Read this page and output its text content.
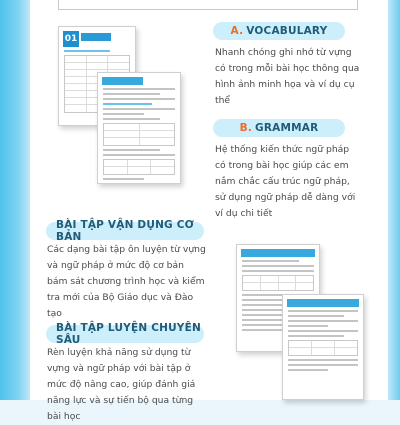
01
A. VOCABULARY
Nhanh chóng ghi nhớ từ vựng có trong mỗi bài học thông qua hình ảnh minh họa và ví dụ cụ thể
B. GRAMMAR
Hệ thống kiến thức ngữ pháp có trong bài học giúp các em nắm chắc cấu trúc ngữ pháp, sử dụng ngữ pháp dễ dàng với ví dụ chi tiết
BÀI TẬP VẬN DỤNG CƠ BẢN
Các dạng bài tập ôn luyện từ vựng và ngữ pháp ở mức độ cơ bản bám sát chương trình học và kiểm tra mới của Bộ Giáo dục và Đào tạo
BÀI TẬP LUYỆN CHUYÊN SÂU
Rèn luyện khả năng sử dụng từ vựng và ngữ pháp với bài tập ở mức độ nâng cao, giúp đánh giá năng lực và sự tiến bộ qua từng bài học
